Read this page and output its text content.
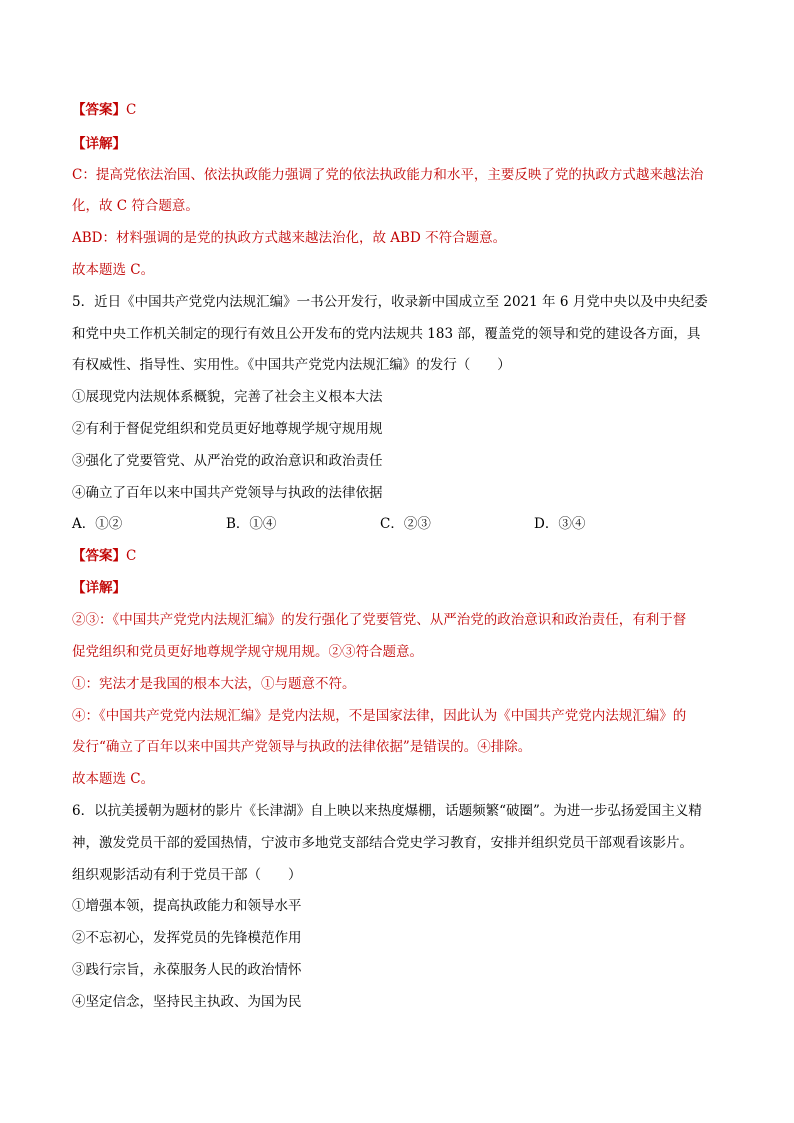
【答案】C
【详解】
C：提高党依法治国、依法执政能力强调了党的依法执政能力和水平，主要反映了党的执政方式越来越法治
化，故 C 符合题意。
ABD：材料强调的是党的执政方式越来越法治化，故 ABD 不符合题意。
故本题选 C。
5．近日《中国共产党党内法规汇编》一书公开发行，收录新中国成立至 2021 年 6 月党中央以及中央纪委
和党中央工作机关制定的现行有效且公开发布的党内法规共 183 部，覆盖党的领导和党的建设各方面，具
有权威性、指导性、实用性。《中国共产党党内法规汇编》的发行（　　）
①展现党内法规体系概貌，完善了社会主义根本大法
②有利于督促党组织和党员更好地尊规学规守规用规
③强化了党要管党、从严治党的政治意识和政治责任
④确立了百年以来中国共产党领导与执政的法律依据
A．①②	B．①④	C．②③	D．③④
【答案】C
【详解】
②③：《中国共产党党内法规汇编》的发行强化了党要管党、从严治党的政治意识和政治责任，有利于督
促党组织和党员更好地尊规学规守规用规。②③符合题意。
①：宪法才是我国的根本大法，①与题意不符。
④：《中国共产党党内法规汇编》是党内法规，不是国家法律，因此认为《中国共产党党内法规汇编》的
发行“确立了百年以来中国共产党领导与执政的法律依据”是错误的。④排除。
故本题选 C。
6．以抗美援朝为题材的影片《长津湖》自上映以来热度爆棚，话题频繁“破圈”。为进一步弘扬爱国主义精
神，激发党员干部的爱国热情，宁波市多地党支部结合党史学习教育，安排并组织党员干部观看该影片。
组织观影活动有利于党员干部（　　）
①增强本领，提高执政能力和领导水平
②不忘初心，发挥党员的先锋模范作用
③践行宗旨，永葆服务人民的政治情怀
④坚定信念，坚持民主执政、为国为民
